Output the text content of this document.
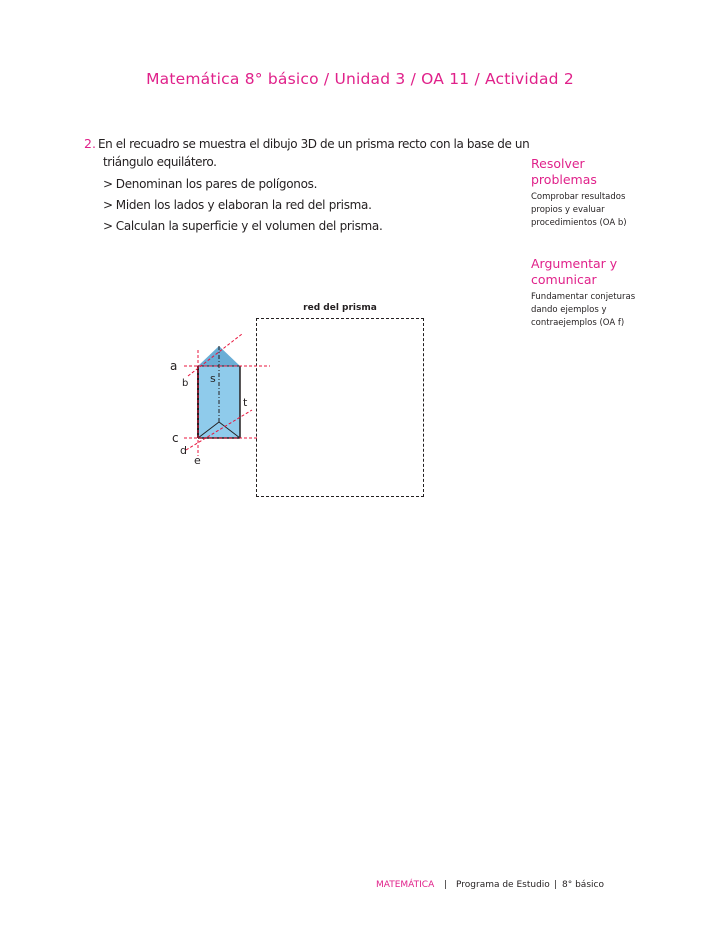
Matemática 8° básico / Unidad 3 / OA 11 / Actividad 2
2. En el recuadro se muestra el dibujo 3D de un prisma recto con la base de un
triángulo equilátero.
> Denominan los pares de polígonos.
> Miden los lados y elaboran la red del prisma.
> Calculan la superficie y el volumen del prisma.
Resolver
problemas
Comprobar resultados
propios y evaluar
procedimientos (OA b)
Argumentar y
comunicar
Fundamentar conjeturas
dando ejemplos y
contraejemplos (OA f)
red del prisma
a
b
c
d
e
s
t
MATEMÁTICA | Programa de Estudio | 8° básico
